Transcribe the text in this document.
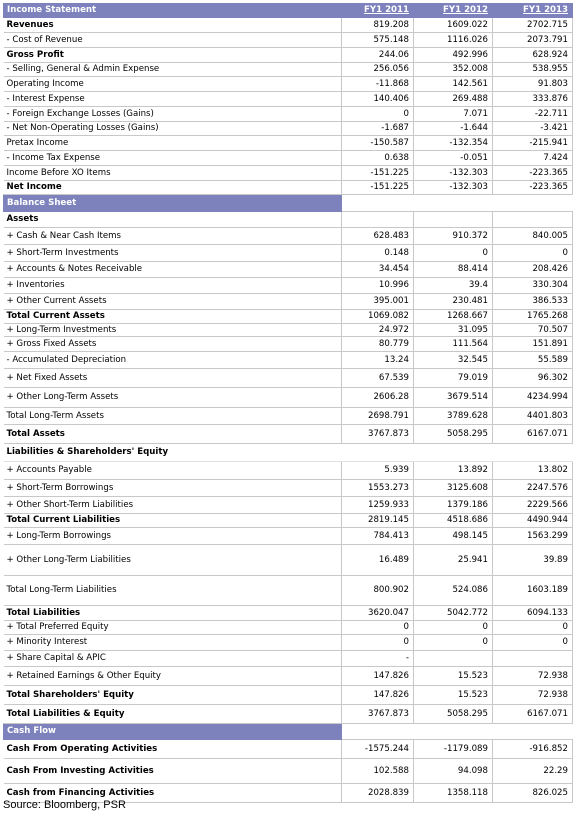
Income Statement	FY1 2011	FY1 2012	FY1 2013
Revenues	819.208	1609.022	2702.715
- Cost of Revenue	575.148	1116.026	2073.791
Gross Profit	244.06	492.996	628.924
- Selling, General & Admin Expense	256.056	352.008	538.955
Operating Income	-11.868	142.561	91.803
- Interest Expense	140.406	269.488	333.876
- Foreign Exchange Losses (Gains)	0	7.071	-22.711
- Net Non-Operating Losses (Gains)	-1.687	-1.644	-3.421
Pretax Income	-150.587	-132.354	-215.941
- Income Tax Expense	0.638	-0.051	7.424
Income Before XO Items	-151.225	-132.303	-223.365
Net Income	-151.225	-132.303	-223.365
Balance Sheet			
Assets			
+ Cash & Near Cash Items	628.483	910.372	840.005
+ Short-Term Investments	0.148	0	0
+ Accounts & Notes Receivable	34.454	88.414	208.426
+ Inventories	10.996	39.4	330.304
+ Other Current Assets	395.001	230.481	386.533
Total Current Assets	1069.082	1268.667	1765.268
+ Long-Term Investments	24.972	31.095	70.507
+ Gross Fixed Assets	80.779	111.564	151.891
- Accumulated Depreciation	13.24	32.545	55.589
+ Net Fixed Assets	67.539	79.019	96.302
+ Other Long-Term Assets	2606.28	3679.514	4234.994
Total Long-Term Assets	2698.791	3789.628	4401.803
Total Assets	3767.873	5058.295	6167.071
Liabilities & Shareholders' Equity			
+ Accounts Payable	5.939	13.892	13.802
+ Short-Term Borrowings	1553.273	3125.608	2247.576
+ Other Short-Term Liabilities	1259.933	1379.186	2229.566
Total Current Liabilities	2819.145	4518.686	4490.944
+ Long-Term Borrowings	784.413	498.145	1563.299
+ Other Long-Term Liabilities	16.489	25.941	39.89
Total Long-Term Liabilities	800.902	524.086	1603.189
Total Liabilities	3620.047	5042.772	6094.133
+ Total Preferred Equity	0	0	0
+ Minority Interest	0	0	0
+ Share Capital & APIC	-		
+ Retained Earnings & Other Equity	147.826	15.523	72.938
Total Shareholders' Equity	147.826	15.523	72.938
Total Liabilities & Equity	3767.873	5058.295	6167.071
Cash Flow			
Cash From Operating Activities	-1575.244	-1179.089	-916.852
Cash From Investing Activities	102.588	94.098	22.29
Cash from Financing Activities	2028.839	1358.118	826.025
Source: Bloomberg, PSR
